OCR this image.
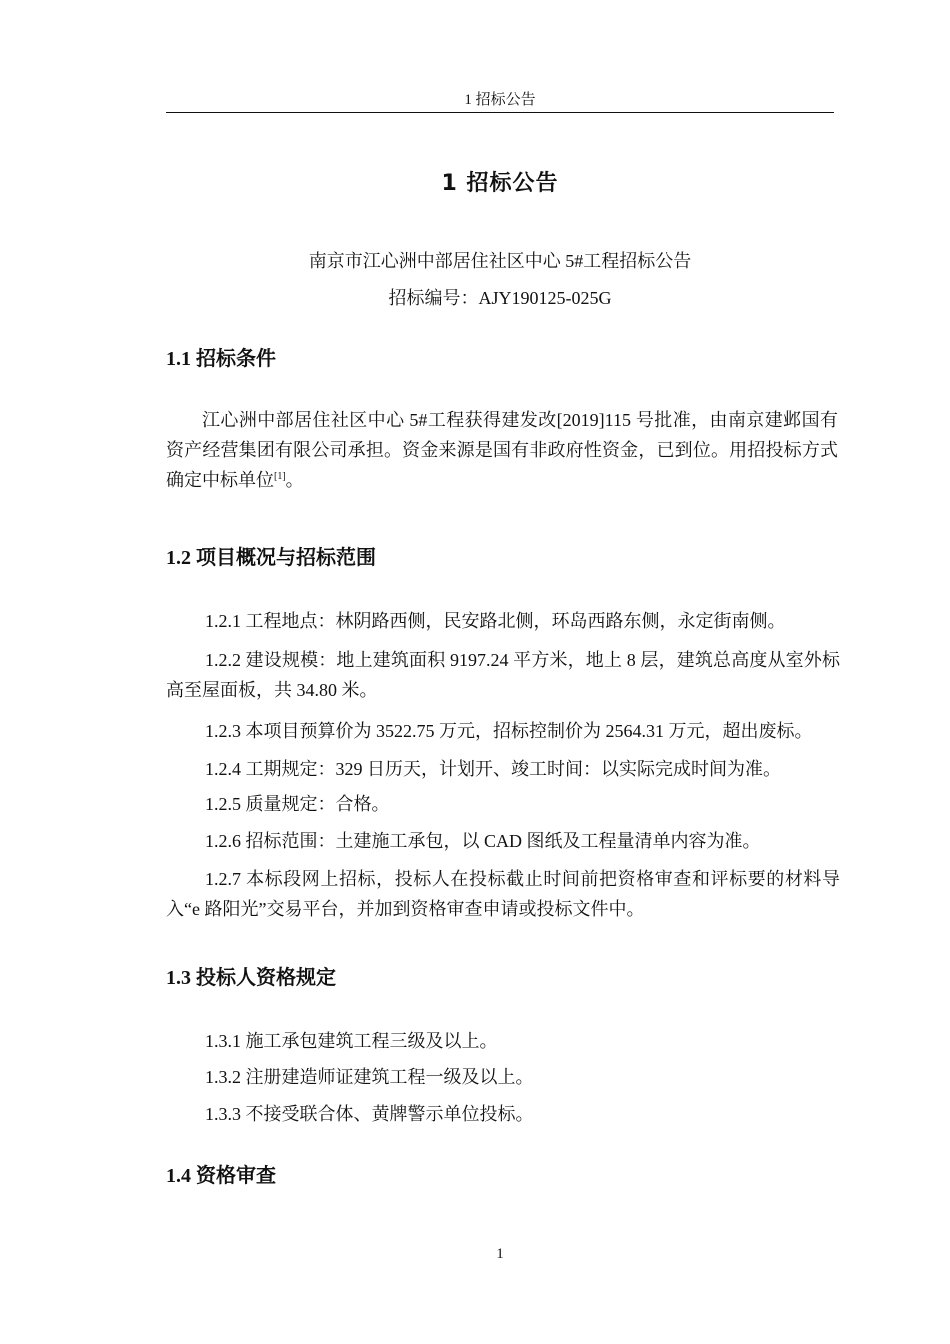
1 招标公告
1 招标公告
南京市江心洲中部居住社区中心 5#工程招标公告
招标编号：AJY190125-025G
1.1 招标条件
江心洲中部居住社区中心 5#工程获得建发改[2019]115 号批准，由南京建邺国有资产经营集团有限公司承担。资金来源是国有非政府性资金，已到位。用招投标方式确定中标单位[1]。
1.2 项目概况与招标范围
1.2.1 工程地点：林阴路西侧，民安路北侧，环岛西路东侧，永定街南侧。
1.2.2 建设规模：地上建筑面积 9197.24 平方米，地上 8 层，建筑总高度从室外标高至屋面板，共 34.80 米。
1.2.3 本项目预算价为 3522.75 万元，招标控制价为 2564.31 万元，超出废标。
1.2.4 工期规定：329 日历天，计划开、竣工时间：以实际完成时间为准。
1.2.5 质量规定：合格。
1.2.6 招标范围：土建施工承包，以 CAD 图纸及工程量清单内容为准。
1.2.7 本标段网上招标，投标人在投标截止时间前把资格审查和评标要的材料导入“e 路阳光”交易平台，并加到资格审查申请或投标文件中。
1.3 投标人资格规定
1.3.1 施工承包建筑工程三级及以上。
1.3.2 注册建造师证建筑工程一级及以上。
1.3.3 不接受联合体、黄牌警示单位投标。
1.4 资格审查
1
